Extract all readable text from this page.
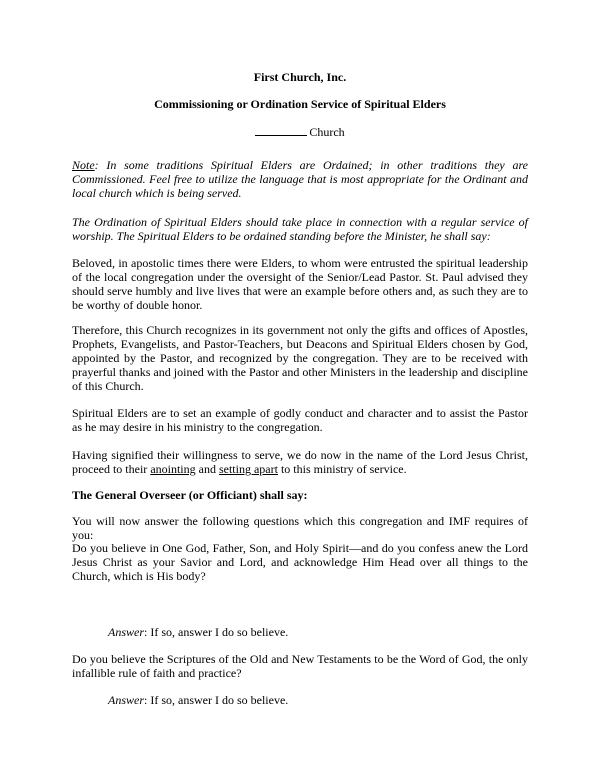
First Church, Inc.

Commissioning or Ordination Service of Spiritual Elders

Church

Note: In some traditions Spiritual Elders are Ordained; in other traditions they are Commissioned. Feel free to utilize the language that is most appropriate for the Ordinant and local church which is being served.

The Ordination of Spiritual Elders should take place in connection with a regular service of worship. The Spiritual Elders to be ordained standing before the Minister, he shall say:

Beloved, in apostolic times there were Elders, to whom were entrusted the spiritual leadership of the local congregation under the oversight of the Senior/Lead Pastor. St. Paul advised they should serve humbly and live lives that were an example before others and, as such they are to be worthy of double honor.

Therefore, this Church recognizes in its government not only the gifts and offices of Apostles, Prophets, Evangelists, and Pastor-Teachers, but Deacons and Spiritual Elders chosen by God, appointed by the Pastor, and recognized by the congregation. They are to be received with prayerful thanks and joined with the Pastor and other Ministers in the leadership and discipline of this Church.

Spiritual Elders are to set an example of godly conduct and character and to assist the Pastor as he may desire in his ministry to the congregation.

Having signified their willingness to serve, we do now in the name of the Lord Jesus Christ, proceed to their anointing and setting apart to this ministry of service.

The General Overseer (or Officiant) shall say:

You will now answer the following questions which this congregation and IMF requires of you:

Do you believe in One God, Father, Son, and Holy Spirit—and do you confess anew the Lord Jesus Christ as your Savior and Lord, and acknowledge Him Head over all things to the Church, which is His body?

Answer: If so, answer I do so believe.

Do you believe the Scriptures of the Old and New Testaments to be the Word of God, the only infallible rule of faith and practice?

Answer: If so, answer I do so believe.
